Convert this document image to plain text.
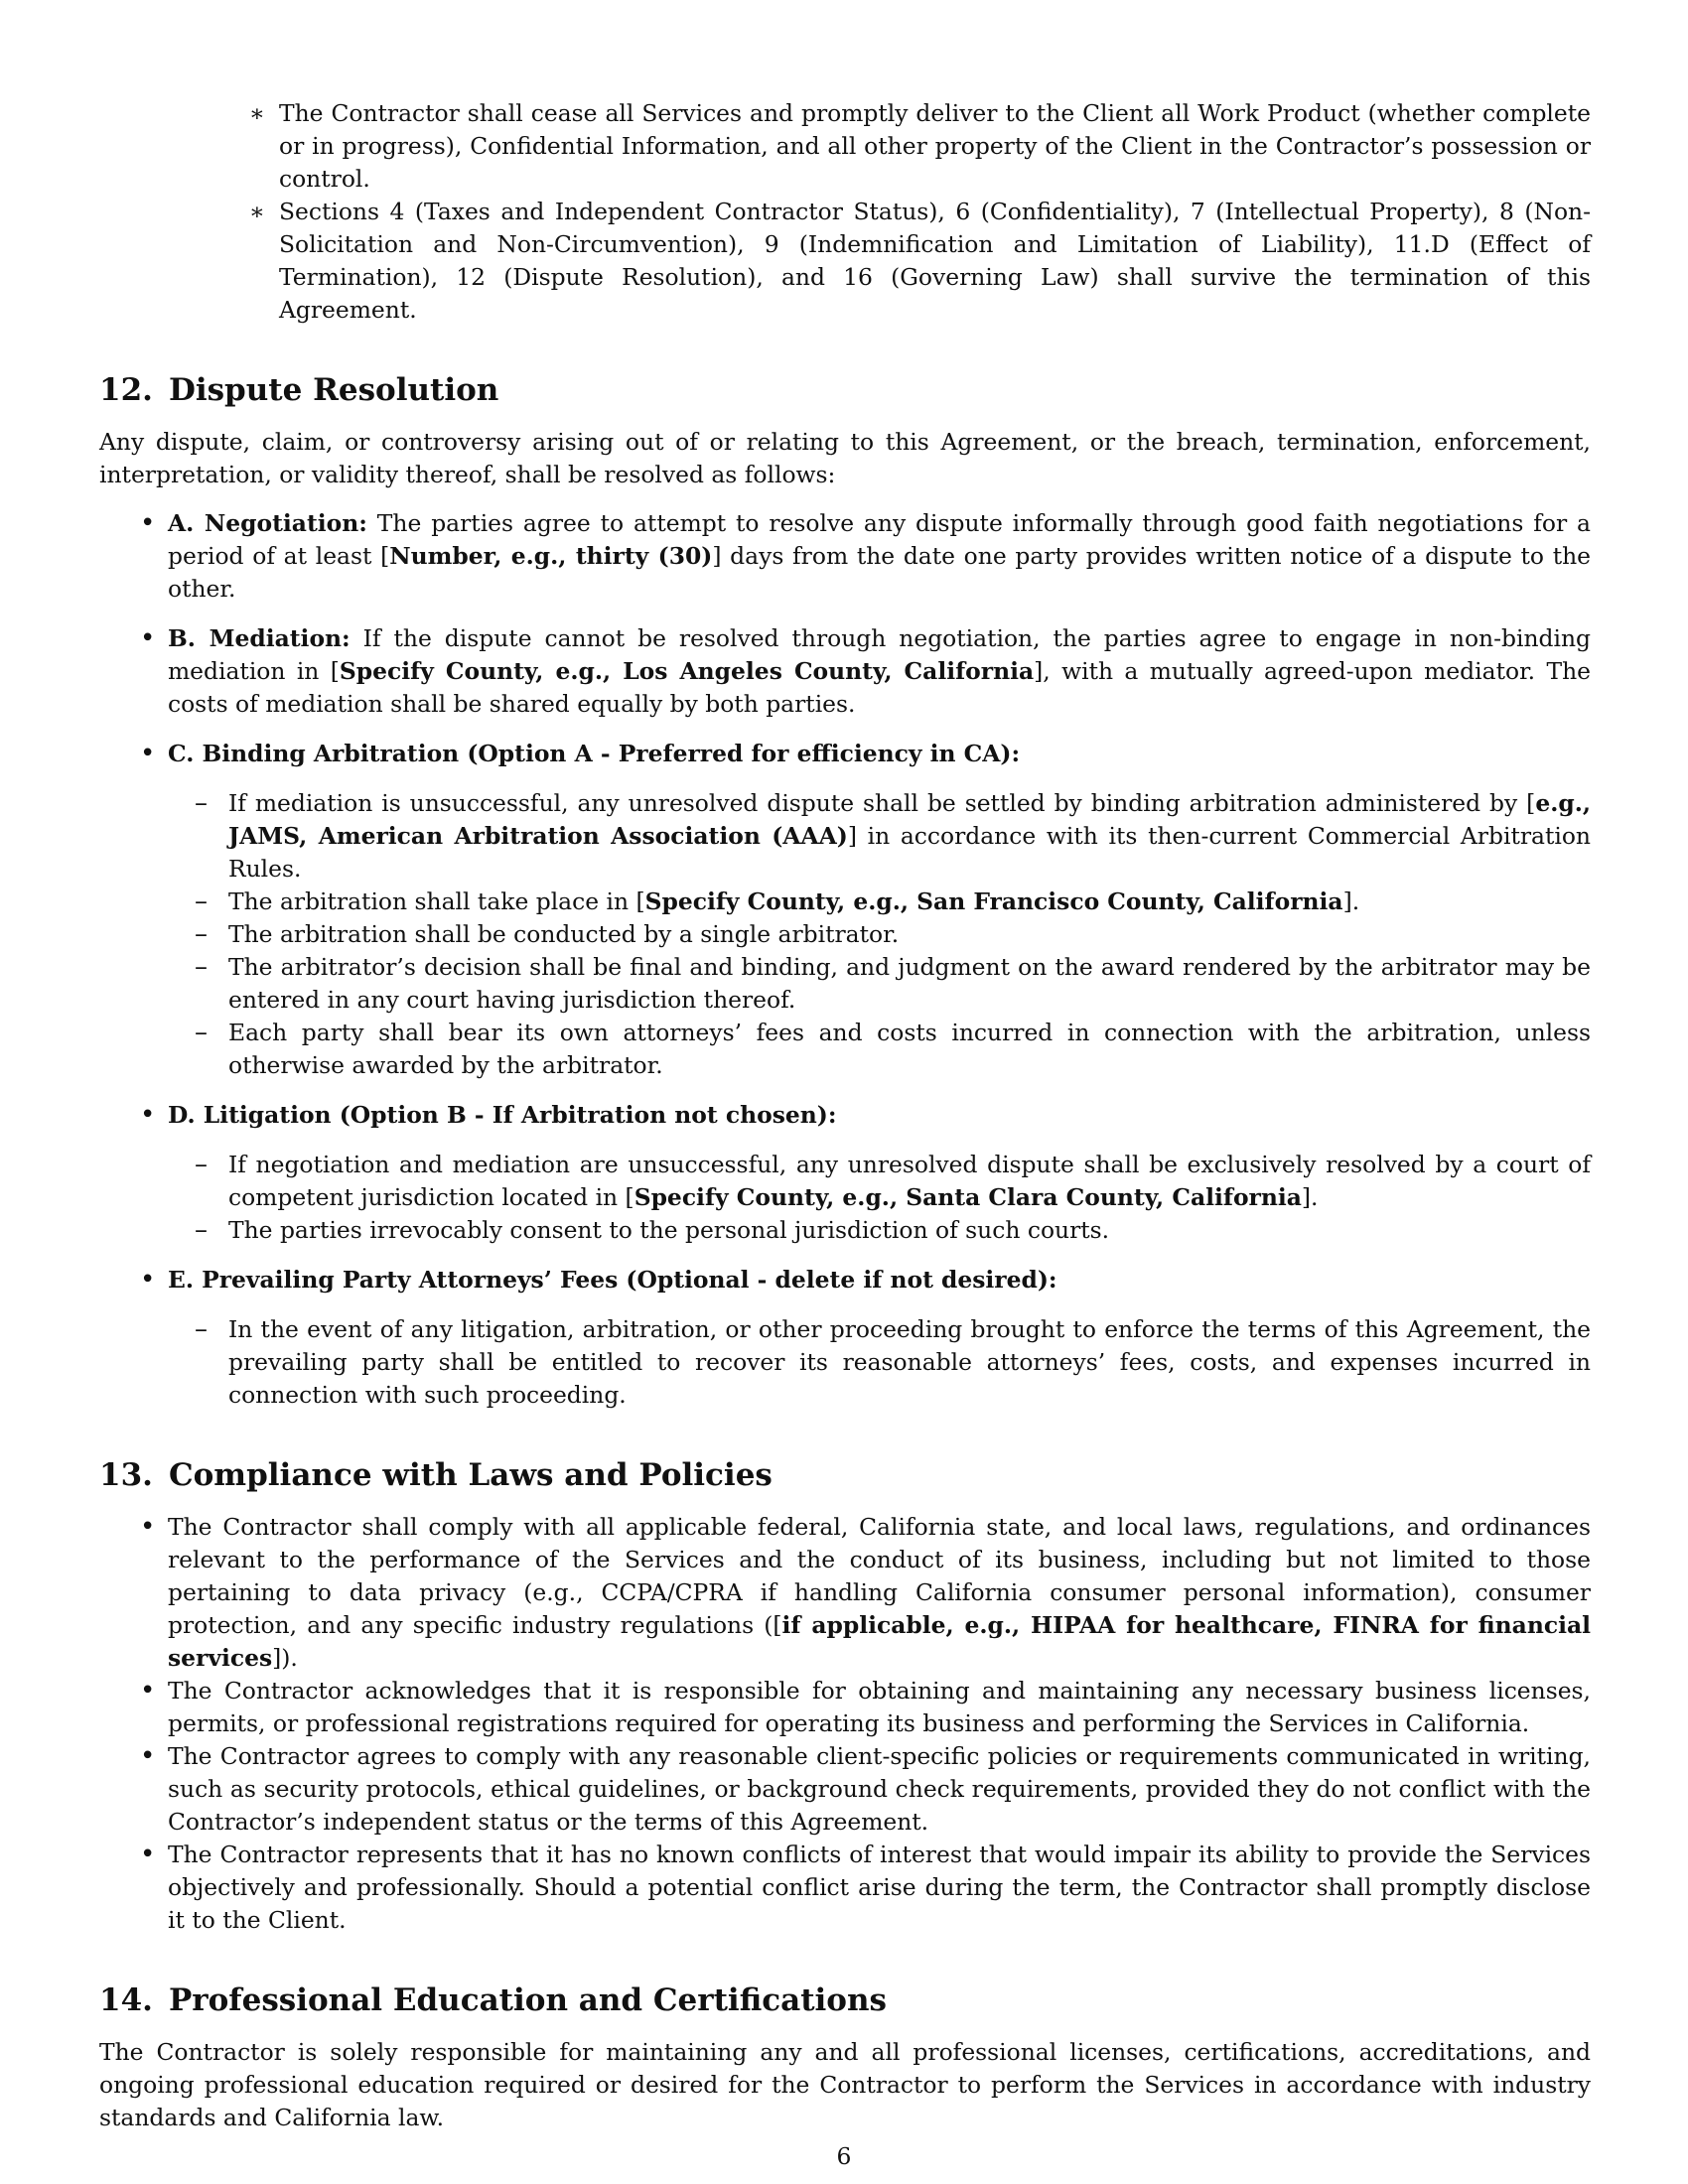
∗ The Contractor shall cease all Services and promptly deliver to the Client all Work Product (whether complete or in progress), Confidential Information, and all other property of the Client in the Contractor’s possession or control.
∗ Sections 4 (Taxes and Independent Contractor Status), 6 (Confidentiality), 7 (Intellectual Property), 8 (Non-Solicitation and Non-Circumvention), 9 (Indemnification and Limitation of Liability), 11.D (Effect of Termination), 12 (Dispute Resolution), and 16 (Governing Law) shall survive the termination of this Agreement.
12. Dispute Resolution

Any dispute, claim, or controversy arising out of or relating to this Agreement, or the breach, termination, enforcement, interpretation, or validity thereof, shall be resolved as follows:

• A. Negotiation: The parties agree to attempt to resolve any dispute informally through good faith negotiations for a period of at least [Number, e.g., thirty (30)] days from the date one party provides written notice of a dispute to the other.
• B. Mediation: If the dispute cannot be resolved through negotiation, the parties agree to engage in non-binding mediation in [Specify County, e.g., Los Angeles County, California], with a mutually agreed-upon mediator. The costs of mediation shall be shared equally by both parties.
• C. Binding Arbitration (Option A - Preferred for efficiency in CA):
– If mediation is unsuccessful, any unresolved dispute shall be settled by binding arbitration administered by [e.g., JAMS, American Arbitration Association (AAA)] in accordance with its then-current Commercial Arbitration Rules.
– The arbitration shall take place in [Specify County, e.g., San Francisco County, California].
– The arbitration shall be conducted by a single arbitrator.
– The arbitrator’s decision shall be final and binding, and judgment on the award rendered by the arbitrator may be entered in any court having jurisdiction thereof.
– Each party shall bear its own attorneys’ fees and costs incurred in connection with the arbitration, unless otherwise awarded by the arbitrator.
• D. Litigation (Option B - If Arbitration not chosen):
– If negotiation and mediation are unsuccessful, any unresolved dispute shall be exclusively resolved by a court of competent jurisdiction located in [Specify County, e.g., Santa Clara County, California].
– The parties irrevocably consent to the personal jurisdiction of such courts.
• E. Prevailing Party Attorneys’ Fees (Optional - delete if not desired):
– In the event of any litigation, arbitration, or other proceeding brought to enforce the terms of this Agreement, the prevailing party shall be entitled to recover its reasonable attorneys’ fees, costs, and expenses incurred in connection with such proceeding.
13. Compliance with Laws and Policies
• The Contractor shall comply with all applicable federal, California state, and local laws, regulations, and ordinances relevant to the performance of the Services and the conduct of its business, including but not limited to those pertaining to data privacy (e.g., CCPA/CPRA if handling California consumer personal information), consumer protection, and any specific industry regulations ([if applicable, e.g., HIPAA for healthcare, FINRA for financial services]).
• The Contractor acknowledges that it is responsible for obtaining and maintaining any necessary business licenses, permits, or professional registrations required for operating its business and performing the Services in California.
• The Contractor agrees to comply with any reasonable client-specific policies or requirements communicated in writing, such as security protocols, ethical guidelines, or background check requirements, provided they do not conflict with the Contractor’s independent status or the terms of this Agreement.
• The Contractor represents that it has no known conflicts of interest that would impair its ability to provide the Services objectively and professionally. Should a potential conflict arise during the term, the Contractor shall promptly disclose it to the Client.
14. Professional Education and Certifications

The Contractor is solely responsible for maintaining any and all professional licenses, certifications, accreditations, and ongoing professional education required or desired for the Contractor to perform the Services in accordance with industry standards and California law.

6
